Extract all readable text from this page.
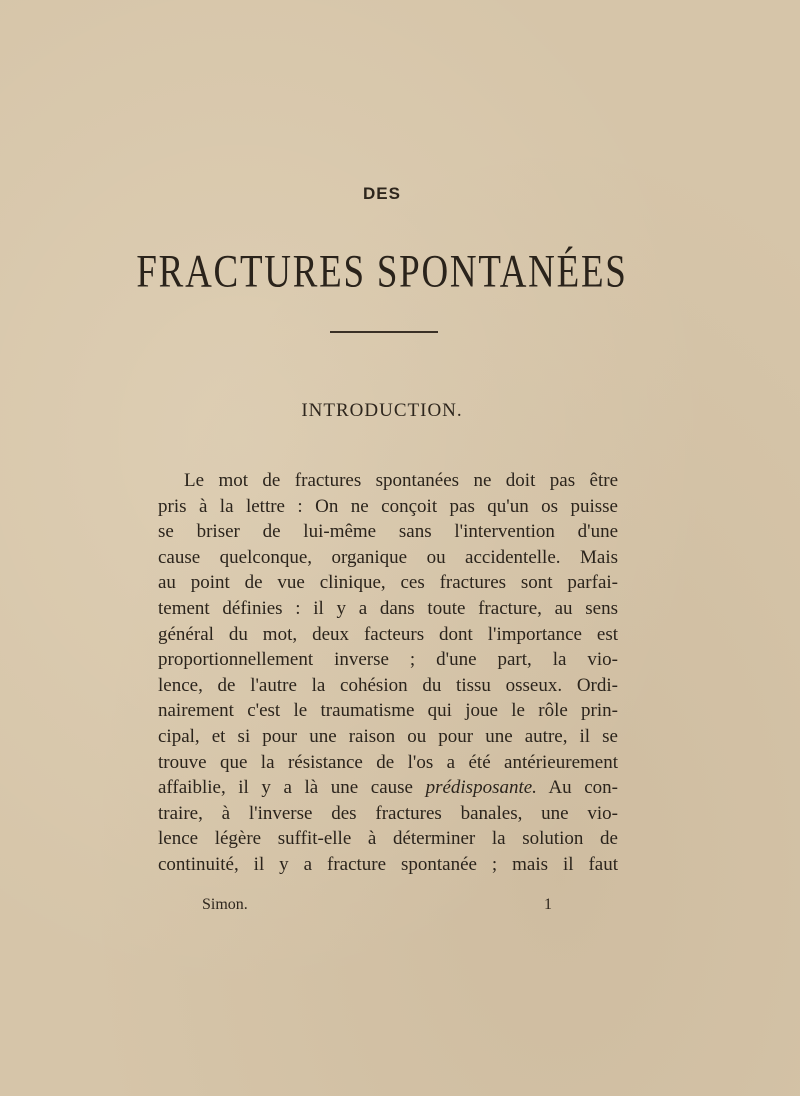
DES
FRACTURES SPONTANÉES
INTRODUCTION.
Le mot de fractures spontanées ne doit pas être
pris à la lettre : On ne conçoit pas qu'un os puisse
se briser de lui-même sans l'intervention d'une
cause quelconque, organique ou accidentelle. Mais
au point de vue clinique, ces fractures sont parfai-
tement définies : il y a dans toute fracture, au sens
général du mot, deux facteurs dont l'importance est
proportionnellement inverse ; d'une part, la vio-
lence, de l'autre la cohésion du tissu osseux. Ordi-
nairement c'est le traumatisme qui joue le rôle prin-
cipal, et si pour une raison ou pour une autre, il se
trouve que la résistance de l'os a été antérieurement
affaiblie, il y a là une cause prédisposante. Au con-
traire, à l'inverse des fractures banales, une vio-
lence légère suffit-elle à déterminer la solution de
continuité, il y a fracture spontanée ; mais il faut
Simon.	1
